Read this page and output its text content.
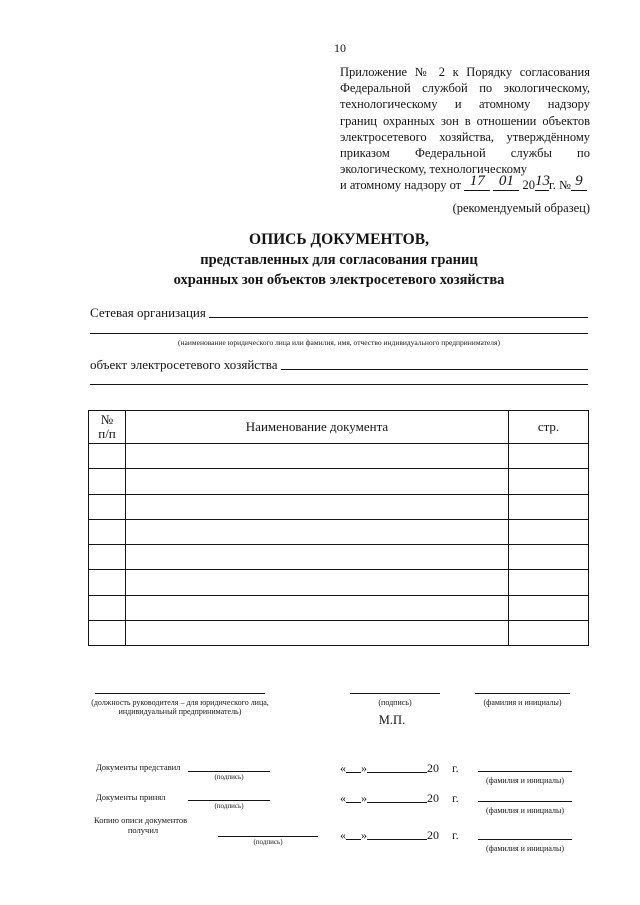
10
Приложение № 2 к Порядку согласования
Федеральной службой по экологическому,
технологическому и атомному надзору
границ охранных зон в отношении объектов
электросетевого хозяйства, утверждённому
приказом Федеральной службы по
экологическому, технологическому
и атомному надзору от 17
01 20 13 г. № 9
(рекомендуемый образец)
ОПИСЬ ДОКУМЕНТОВ,
представленных для согласования границ
охранных зон объектов электросетевого хозяйства
Сетевая организация
(наименование юридического лица или фамилия, имя, отчество индивидуального предпринимателя)
объект электросетевого хозяйства
№
п/п	Наименование документа	стр.

(должность руководителя – для юридического лица,
индивидуальный предприниматель)
(подпись)	(фамилия и инициалы)
М.П.
Документы представил
(подпись)
« »	20 г.
(фамилия и инициалы)
Документы принял
(подпись)
« »	20 г.
(фамилия и инициалы)
Копию описи документов
получил
(подпись)	« »	20 г.
(фамилия и инициалы)
